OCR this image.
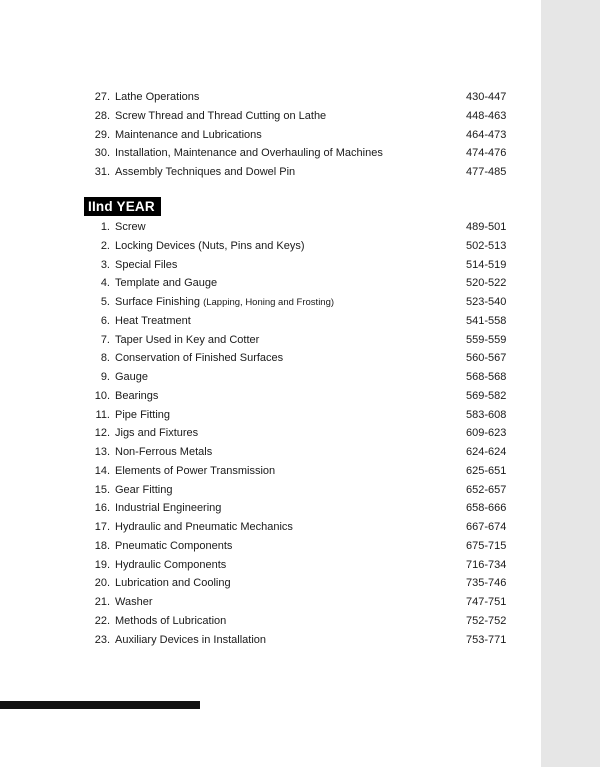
27. Lathe Operations	430-447
28. Screw Thread and Thread Cutting on Lathe	448-463
29. Maintenance and Lubrications	464-473
30. Installation, Maintenance and Overhauling of Machines	474-476
31. Assembly Techniques and Dowel Pin	477-485
IInd YEAR
1. Screw	489-501
2. Locking Devices (Nuts, Pins and Keys)	502-513
3. Special Files	514-519
4. Template and Gauge	520-522
5. Surface Finishing (Lapping, Honing and Frosting)	523-540
6. Heat Treatment	541-558
7. Taper Used in Key and Cotter	559-559
8. Conservation of Finished Surfaces	560-567
9. Gauge	568-568
10. Bearings	569-582
11. Pipe Fitting	583-608
12. Jigs and Fixtures	609-623
13. Non-Ferrous Metals	624-624
14. Elements of Power Transmission	625-651
15. Gear Fitting	652-657
16. Industrial Engineering	658-666
17. Hydraulic and Pneumatic Mechanics	667-674
18. Pneumatic Components	675-715
19. Hydraulic Components	716-734
20. Lubrication and Cooling	735-746
21. Washer	747-751
22. Methods of Lubrication	752-752
23. Auxiliary Devices in Installation	753-771
